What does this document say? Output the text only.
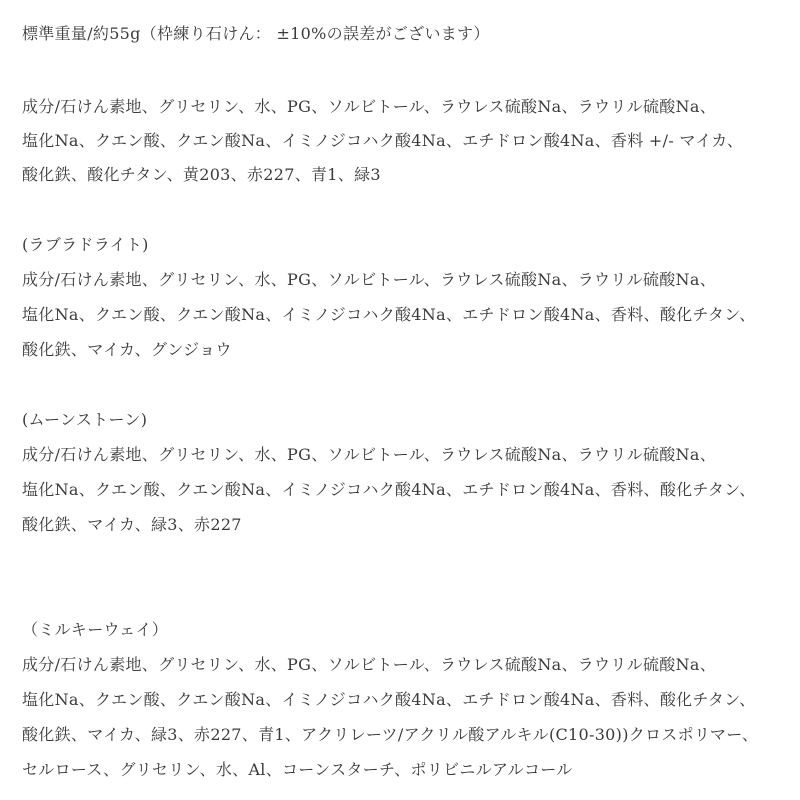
標準重量/約55g（枠練り石けん： ±10%の誤差がございます）
成分/石けん素地、グリセリン、水、PG、ソルビトール、ラウレス硫酸Na、ラウリル硫酸Na、
塩化Na、クエン酸、クエン酸Na、イミノジコハク酸4Na、エチドロン酸4Na、香料 +/- マイカ、
酸化鉄、酸化チタン、黄203、赤227、青1、緑3
(ラブラドライト)
成分/石けん素地、グリセリン、水、PG、ソルビトール、ラウレス硫酸Na、ラウリル硫酸Na、
塩化Na、クエン酸、クエン酸Na、イミノジコハク酸4Na、エチドロン酸4Na、香料、酸化チタン、
酸化鉄、マイカ、グンジョウ
(ムーンストーン)
成分/石けん素地、グリセリン、水、PG、ソルビトール、ラウレス硫酸Na、ラウリル硫酸Na、
塩化Na、クエン酸、クエン酸Na、イミノジコハク酸4Na、エチドロン酸4Na、香料、酸化チタン、
酸化鉄、マイカ、緑3、赤227
（ミルキーウェイ）
成分/石けん素地、グリセリン、水、PG、ソルビトール、ラウレス硫酸Na、ラウリル硫酸Na、
塩化Na、クエン酸、クエン酸Na、イミノジコハク酸4Na、エチドロン酸4Na、香料、酸化チタン、
酸化鉄、マイカ、緑3、赤227、青1、アクリレーツ/アクリル酸アルキル(C10-30))クロスポリマー、
セルロース、グリセリン、水、Al、コーンスターチ、ポリビニルアルコール
